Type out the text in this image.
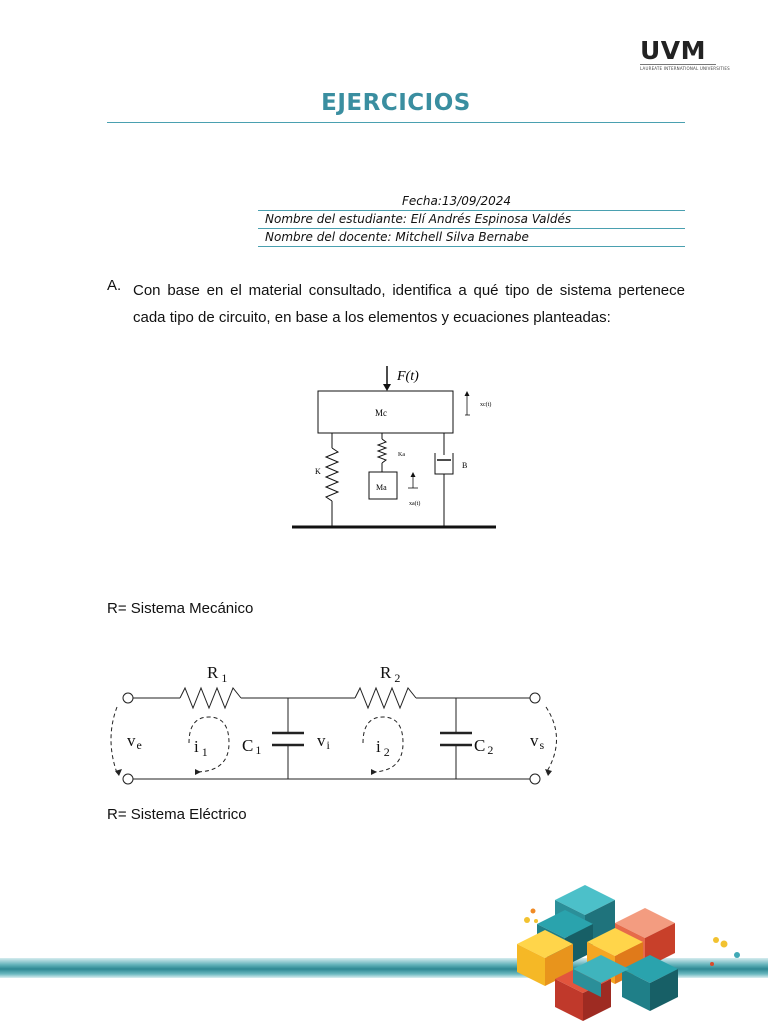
UVM
LAUREATE INTERNATIONAL UNIVERSITIES
EJERCICIOS
Fecha:13/09/2024
Nombre del estudiante: Elí Andrés Espinosa Valdés
Nombre del docente: Mitchell Silva Bernabe
A. Con base en el material consultado, identifica a qué tipo de sistema pertenece cada tipo de circuito, en base a los elementos y ecuaciones planteadas:
F(t)
Mc
xc(t)
K
Ka
Ma
xa(t)
B
R= Sistema Mecánico
R $_1$	R $_2$
C 1	C 2
ve	vi	vs
i $_1$	i $_2$
R= Sistema Eléctrico
